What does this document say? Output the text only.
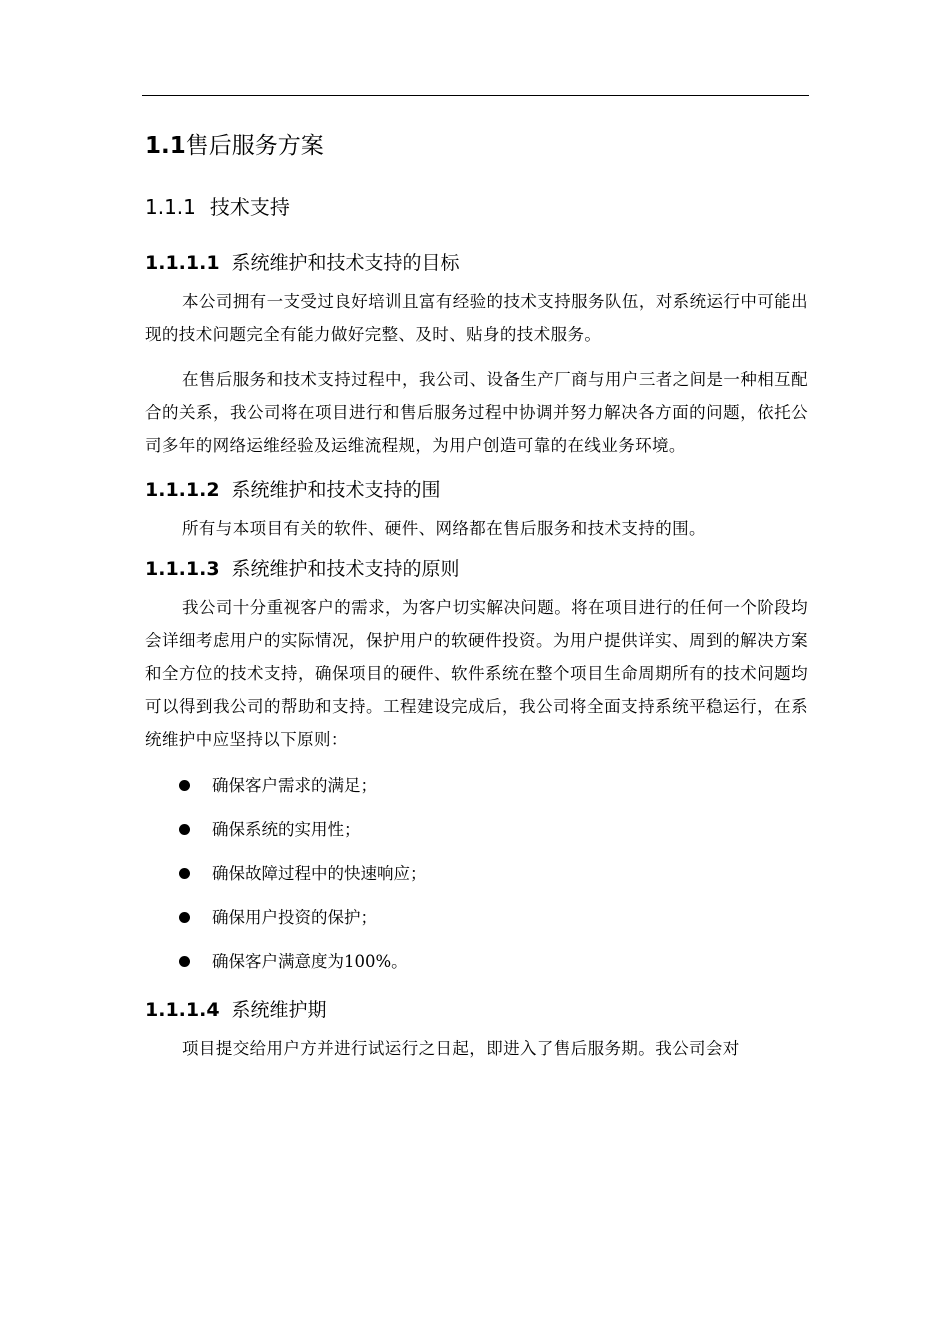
1.1售后服务方案
1.1.1 技术支持
1.1.1.1 系统维护和技术支持的目标

本公司拥有一支受过良好培训且富有经验的技术支持服务队伍，对系统运行中可能出现的技术问题完全有能力做好完整、及时、贴身的技术服务。

在售后服务和技术支持过程中，我公司、设备生产厂商与用户三者之间是一种相互配合的关系，我公司将在项目进行和售后服务过程中协调并努力解决各方面的问题，依托公司多年的网络运维经验及运维流程规，为用户创造可靠的在线业务环境。

1.1.1.2 系统维护和技术支持的围

所有与本项目有关的软件、硬件、网络都在售后服务和技术支持的围。

1.1.1.3 系统维护和技术支持的原则

我公司十分重视客户的需求，为客户切实解决问题。将在项目进行的任何一个阶段均会详细考虑用户的实际情况，保护用户的软硬件投资。为用户提供详实、周到的解决方案和全方位的技术支持，确保项目的硬件、软件系统在整个项目生命周期所有的技术问题均可以得到我公司的帮助和支持。工程建设完成后，我公司将全面支持系统平稳运行，在系统维护中应坚持以下原则：

确保客户需求的满足；
确保系统的实用性；
确保故障过程中的快速响应；
确保用户投资的保护；
确保客户满意度为100%。
1.1.1.4 系统维护期

项目提交给用户方并进行试运行之日起，即进入了售后服务期。我公司会对
